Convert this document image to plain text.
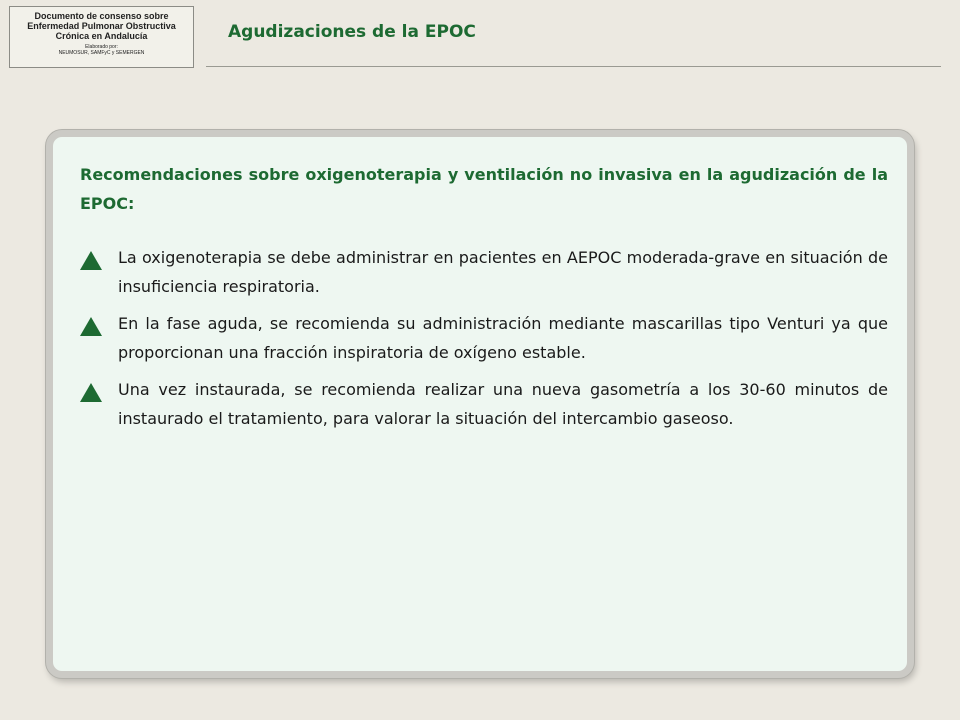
Documento de consenso sobre
Enfermedad Pulmonar Obstructiva
Crónica en Andalucía
Elaborado por:
NEUMOSUR, SAMFyC y SEMERGEN
Agudizaciones de la EPOC

Recomendaciones sobre oxigenoterapia y ventilación no invasiva en la agudización de la EPOC:

La oxigenoterapia se debe administrar en pacientes en AEPOC moderada-grave en situación de insuficiencia respiratoria.
En la fase aguda, se recomienda su administración mediante mascarillas tipo Venturi ya que proporcionan una fracción inspiratoria de oxígeno estable.
Una vez instaurada, se recomienda realizar una nueva gasometría a los 30-60 minutos de instaurado el tratamiento, para valorar la situación del intercambio gaseoso.
